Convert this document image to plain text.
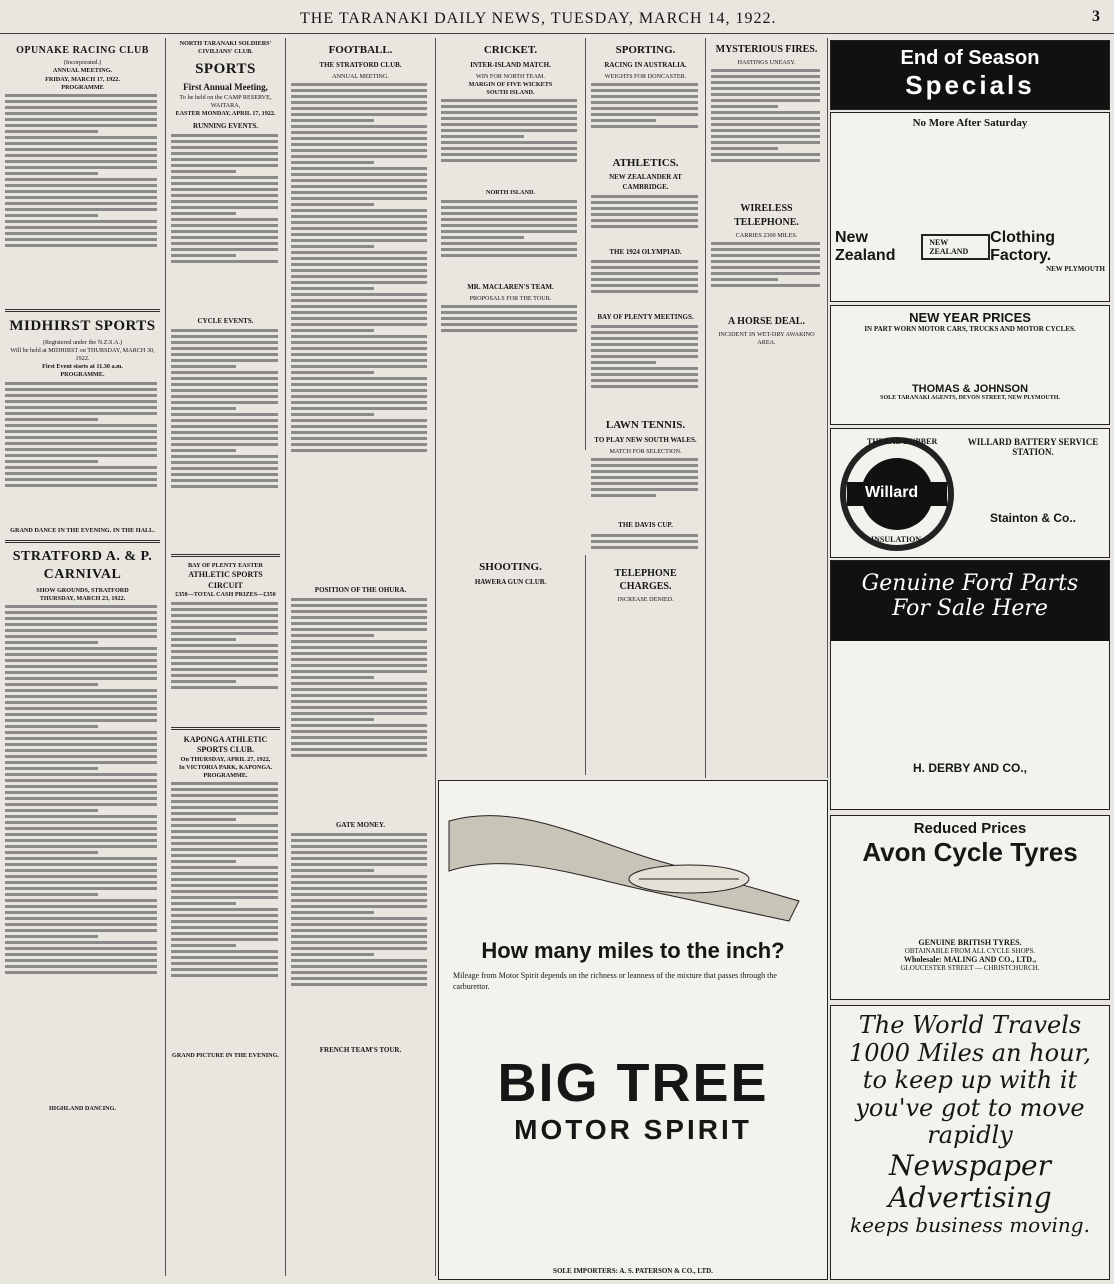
THE TARANAKI DAILY NEWS, TUESDAY, MARCH 14, 1922.	3
OPUNAKE RACING CLUB
(Incorporated.)
ANNUAL MEETING.
FRIDAY, MARCH 17, 1922.
PROGRAMME
MIDHIRST SPORTS
(Registered under the N.Z.S.A.)
Will be held at MIDHIRST on THURSDAY, MARCH 30, 1922.
First Event starts at 11.30 a.m.
PROGRAMME.
GRAND DANCE IN THE EVENING. IN THE HALL.
STRATFORD A. & P. CARNIVAL
SHOW GROUNDS, STRATFORD
THURSDAY, MARCH 23, 1922.
HIGHLAND DANCING.
NORTH TARANAKI SOLDIERS' CIVILIANS' CLUB.
SPORTS
First Annual Meeting,
To be held on the CAMP RESERVE, WAITARA,
EASTER MONDAY, APRIL 17, 1922.
RUNNING EVENTS.
CYCLE EVENTS.
BAY OF PLENTY EASTER
ATHLETIC SPORTS CIRCUIT
£350—TOTAL CASH PRIZES—£350
KAPONGA ATHLETIC SPORTS CLUB.
On THURSDAY, APRIL 27, 1922,
In VICTORIA PARK, KAPONGA.
PROGRAMME.
GRAND PICTURE IN THE EVENING.
FOOTBALL.
THE STRATFORD CLUB.
ANNUAL MEETING.
POSITION OF THE OHURA.
GATE MONEY.
FRENCH TEAM'S TOUR.
CRICKET.
INTER-ISLAND MATCH.
WIN FOR NORTH TEAM.
MARGIN OF FIVE WICKETS
SOUTH ISLAND.
NORTH ISLAND.
MR. MACLAREN'S TEAM.
PROPOSALS FOR THE TOUR.
SHOOTING.
HAWERA GUN CLUB.
SPORTING.
RACING IN AUSTRALIA.
WEIGHTS FOR DONCASTER.
ATHLETICS.
NEW ZEALANDER AT CAMBRIDGE.
THE 1924 OLYMPIAD.
BAY OF PLENTY MEETINGS.
LAWN TENNIS.
TO PLAY NEW SOUTH WALES.
MATCH FOR SELECTION.
THE DAVIS CUP.
TELEPHONE CHARGES.
INCREASE DENIED.
MYSTERIOUS FIRES.
HASTINGS UNEASY.
WIRELESS TELEPHONE.
CARRIES 2300 MILES.
A HORSE DEAL.
INCIDENT IN WET-DRY AWAKINO AREA.
How many miles to the inch?
Mileage from Motor Spirit depends on the richness or leanness of the mixture that passes through the carburettor.
BIG TREE
MOTOR SPIRIT
SOLE IMPORTERS: A. S. PATERSON & CO., LTD.
End of Season
Specials
No More After Saturday
New Zealand
NEW ZEALAND
Clothing Factory.
NEW PLYMOUTH
NEW YEAR PRICES
IN PART WORN MOTOR CARS, TRUCKS AND MOTOR CYCLES.
THOMAS & JOHNSON
SOLE TARANAKI AGENTS, DEVON STREET, NEW PLYMOUTH.
THREAD-RUBBER
Willard
INSULATION
WILLARD BATTERY SERVICE STATION.
Stainton & Co..
Genuine Ford Parts
For Sale Here
H. DERBY AND CO.,
Reduced Prices
Avon Cycle Tyres
GENUINE BRITISH TYRES.
OBTAINABLE FROM ALL CYCLE SHOPS.
Wholesale: MALING AND CO., LTD.,
GLOUCESTER STREET — CHRISTCHURCH.
The World Travels
1000 Miles an hour,
to keep up with it
you've got to move
rapidly
Newspaper
Advertising
keeps business moving.
